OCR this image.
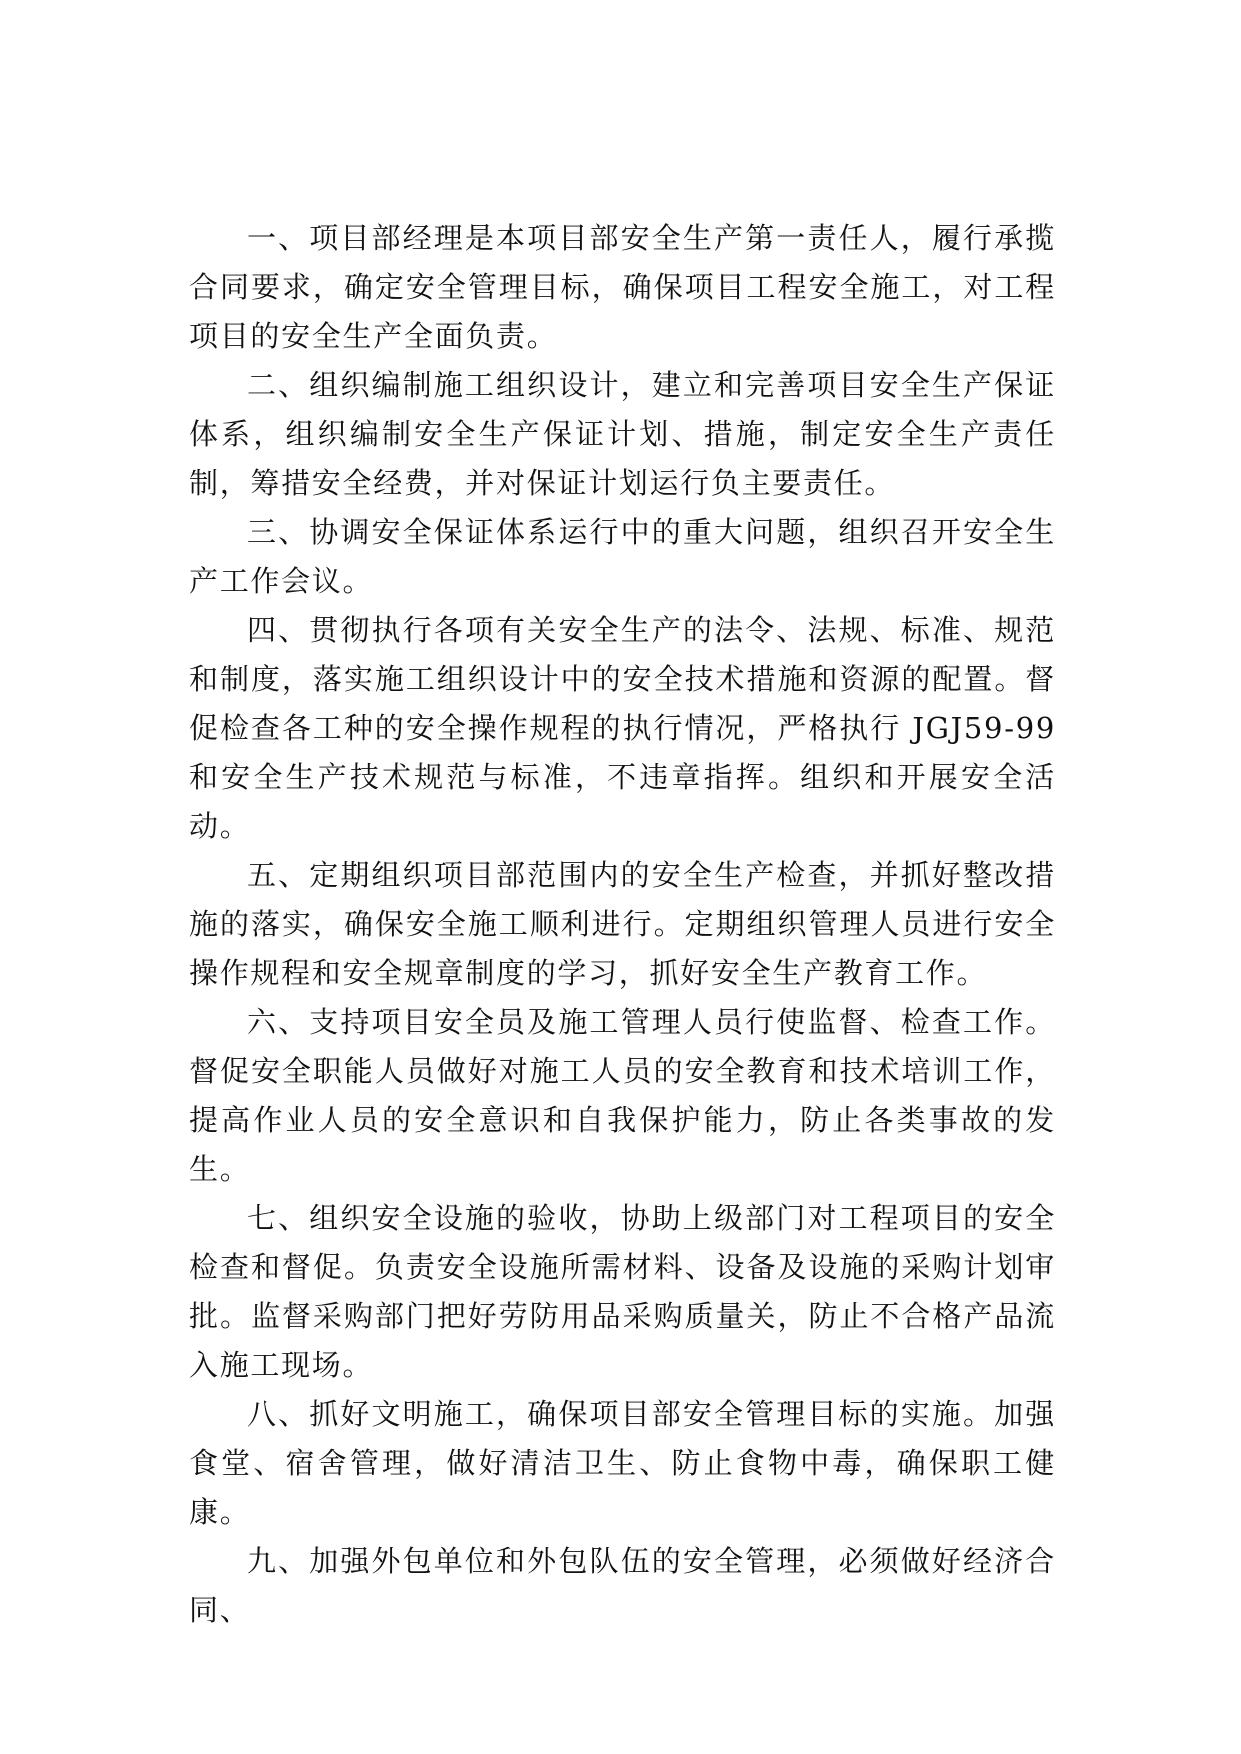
一、项目部经理是本项目部安全生产第一责任人，履行承揽合同要求，确定安全管理目标，确保项目工程安全施工，对工程项目的安全生产全面负责。

二、组织编制施工组织设计，建立和完善项目安全生产保证体系，组织编制安全生产保证计划、措施，制定安全生产责任制，筹措安全经费，并对保证计划运行负主要责任。

三、协调安全保证体系运行中的重大问题，组织召开安全生产工作会议。

四、贯彻执行各项有关安全生产的法令、法规、标准、规范和制度，落实施工组织设计中的安全技术措施和资源的配置。督促检查各工种的安全操作规程的执行情况，严格执行 JGJ59-99 和安全生产技术规范与标准，不违章指挥。组织和开展安全活动。

五、定期组织项目部范围内的安全生产检查，并抓好整改措施的落实，确保安全施工顺利进行。定期组织管理人员进行安全操作规程和安全规章制度的学习，抓好安全生产教育工作。

六、支持项目安全员及施工管理人员行使监督、检查工作。督促安全职能人员做好对施工人员的安全教育和技术培训工作，提高作业人员的安全意识和自我保护能力，防止各类事故的发生。

七、组织安全设施的验收，协助上级部门对工程项目的安全检查和督促。负责安全设施所需材料、设备及设施的采购计划审批。监督采购部门把好劳防用品采购质量关，防止不合格产品流入施工现场。

八、抓好文明施工，确保项目部安全管理目标的实施。加强食堂、宿舍管理，做好清洁卫生、防止食物中毒，确保职工健康。

九、加强外包单位和外包队伍的安全管理，必须做好经济合同、
